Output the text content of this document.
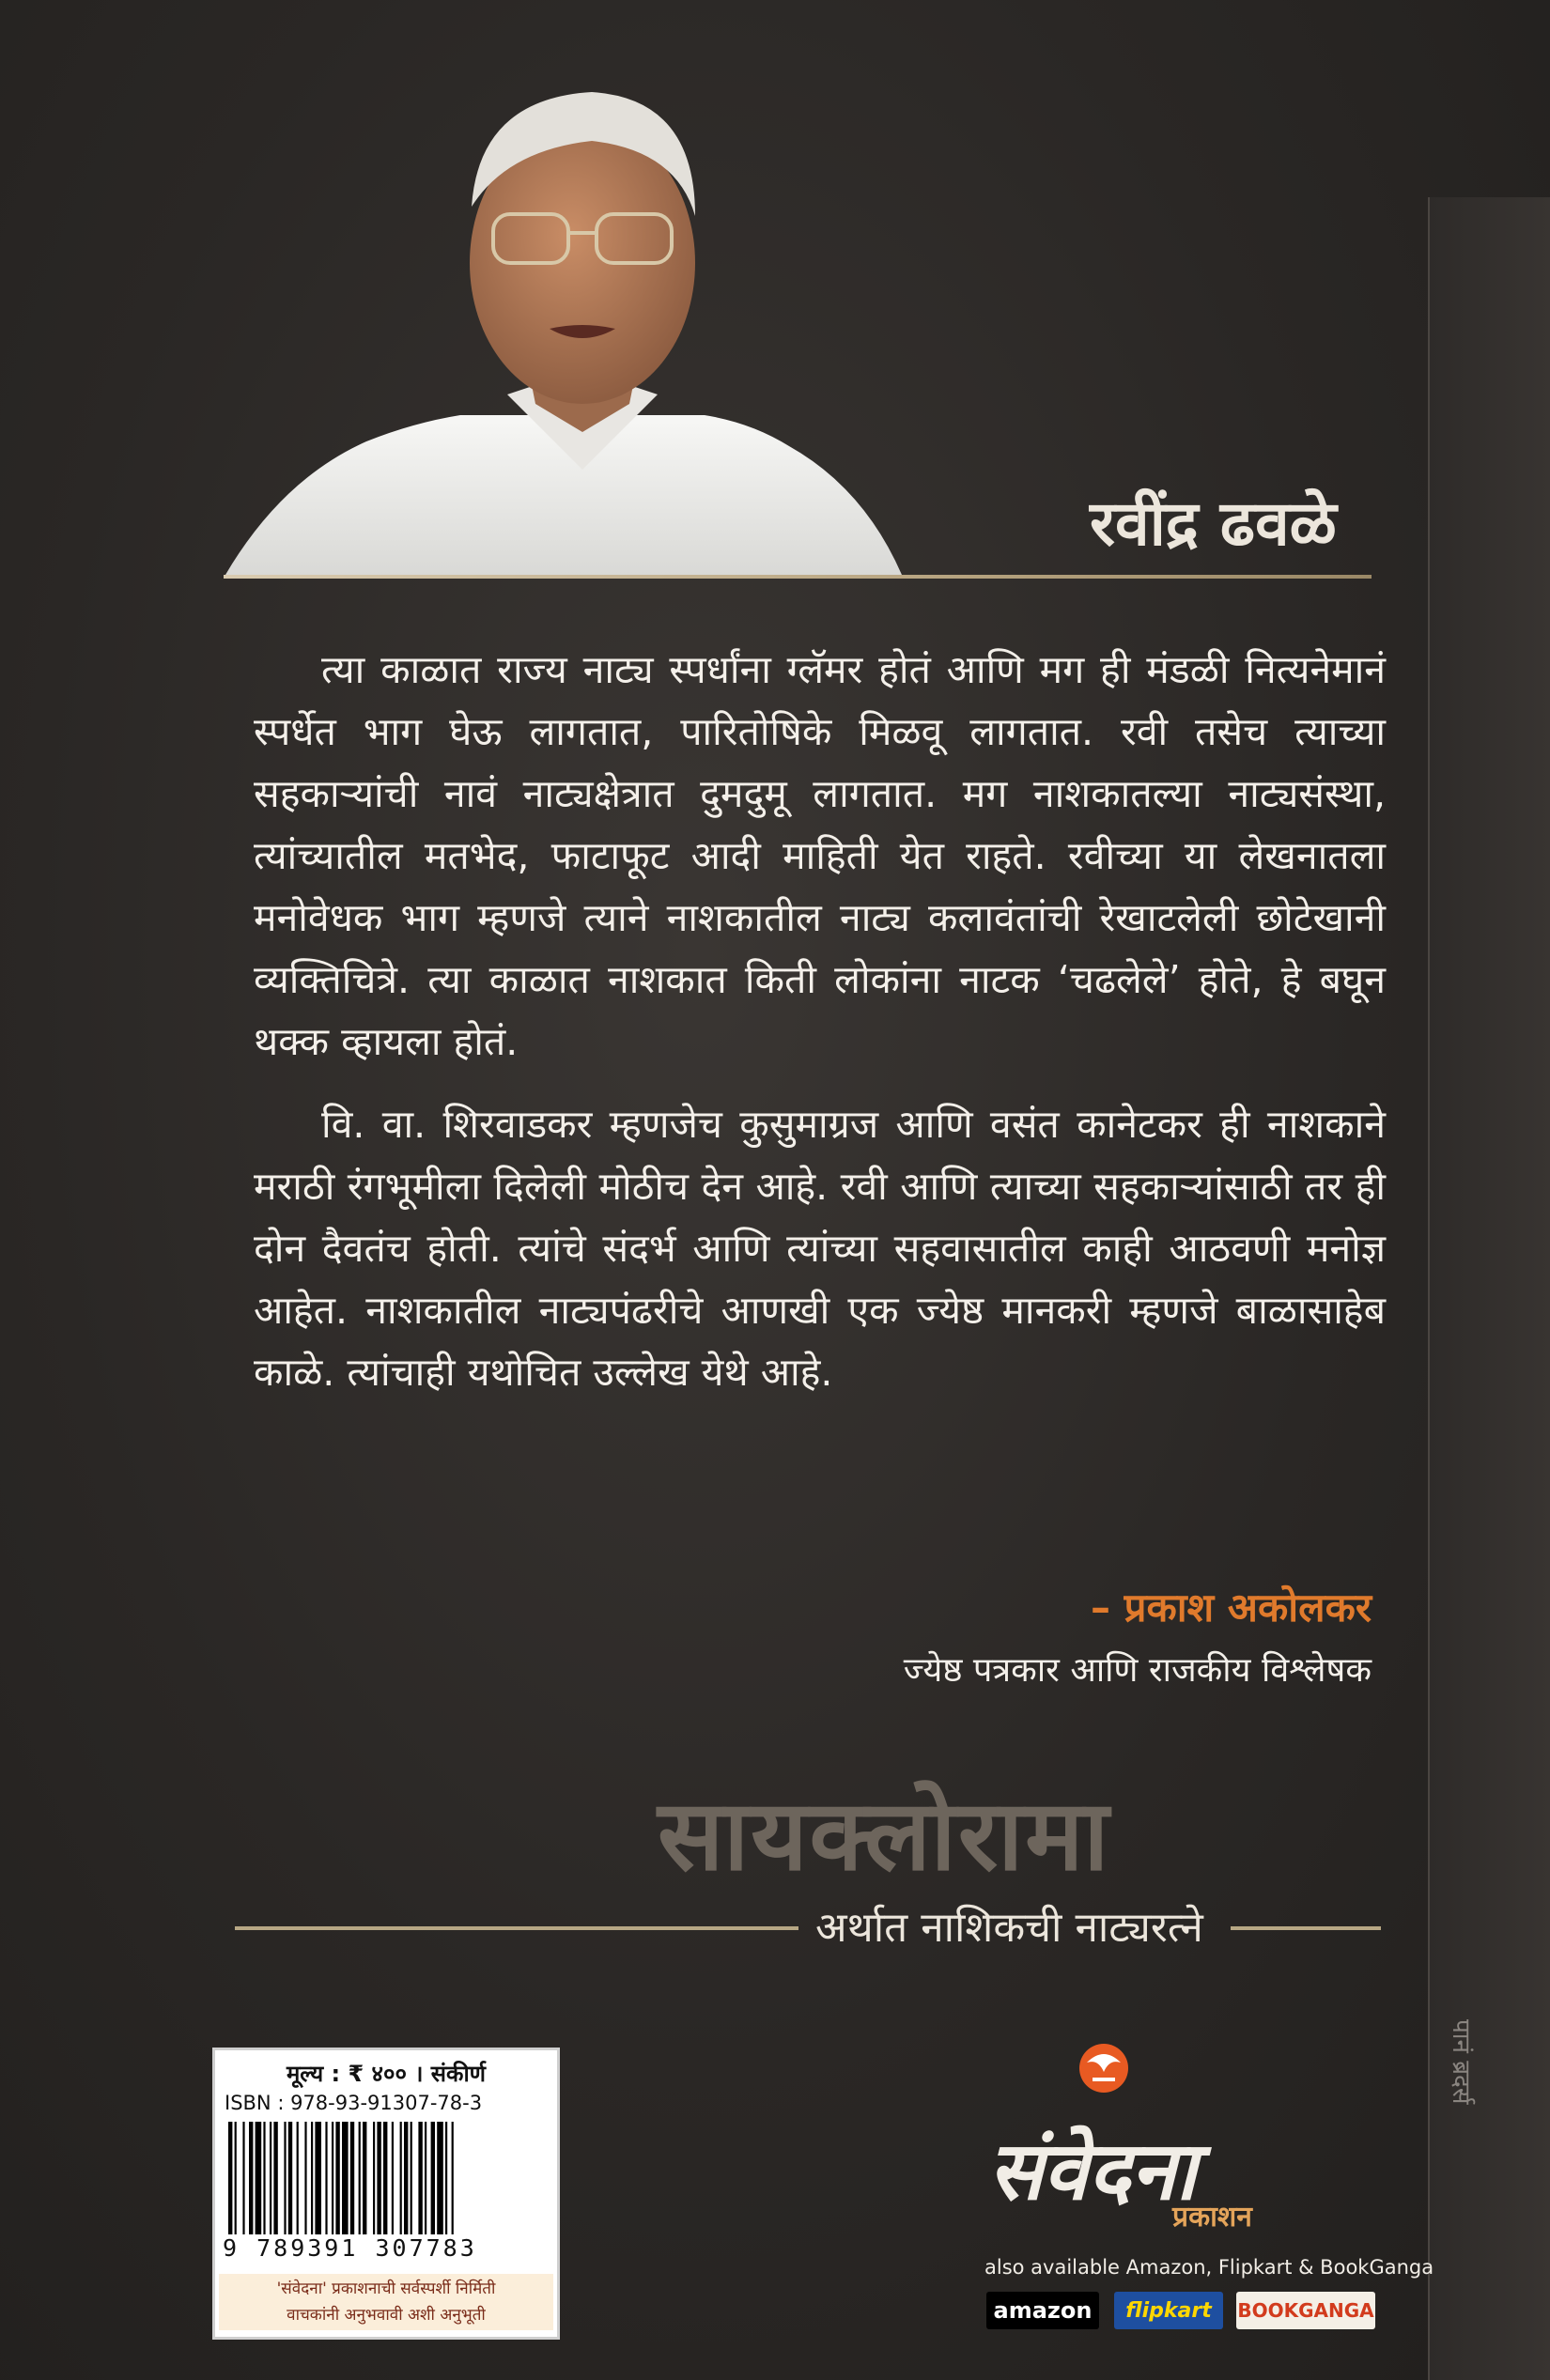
पानं ब्रदर्स
रवींद्र ढवळे

त्या काळात राज्य नाट्य स्पर्धांना ग्लॅमर होतं आणि मग ही मंडळी नित्यनेमानं स्पर्धेत भाग घेऊ लागतात, पारितोषिके मिळवू लागतात. रवी तसेच त्याच्या सहकाऱ्यांची नावं नाट्यक्षेत्रात दुमदुमू लागतात. मग नाशकातल्या नाट्यसंस्था, त्यांच्यातील मतभेद, फाटाफूट आदी माहिती येत राहते. रवीच्या या लेखनातला मनोवेधक भाग म्हणजे त्याने नाशकातील नाट्य कलावंतांची रेखाटलेली छोटेखानी व्यक्तिचित्रे. त्या काळात नाशकात किती लोकांना नाटक ‘चढलेले’ होते, हे बघून थक्क व्हायला होतं.

वि. वा. शिरवाडकर म्हणजेच कुसुमाग्रज आणि वसंत कानेटकर ही नाशकाने मराठी रंगभूमीला दिलेली मोठीच देन आहे. रवी आणि त्याच्या सहकाऱ्यांसाठी तर ही दोन दैवतंच होती. त्यांचे संदर्भ आणि त्यांच्या सहवासातील काही आठवणी मनोज्ञ आहेत. नाशकातील नाट्यपंढरीचे आणखी एक ज्येष्ठ मानकरी म्हणजे बाळासाहेब काळे. त्यांचाही यथोचित उल्लेख येथे आहे.

– प्रकाश अकोलकर
ज्येष्ठ पत्रकार आणि राजकीय विश्लेषक
सायक्लोरामा
अर्थात नाशिकची नाट्यरत्ने
मूल्य : ₹ ४०० । संकीर्ण
ISBN : 978-93-91307-78-3
9 789391 307783
'संवेदना' प्रकाशनाची सर्वस्पर्शी निर्मिती
वाचकांनी अनुभवावी अशी अनुभूती
संवेदना
प्रकाशन
also available Amazon, Flipkart & BookGanga
amazon	flipkart	BOOKGANGA
